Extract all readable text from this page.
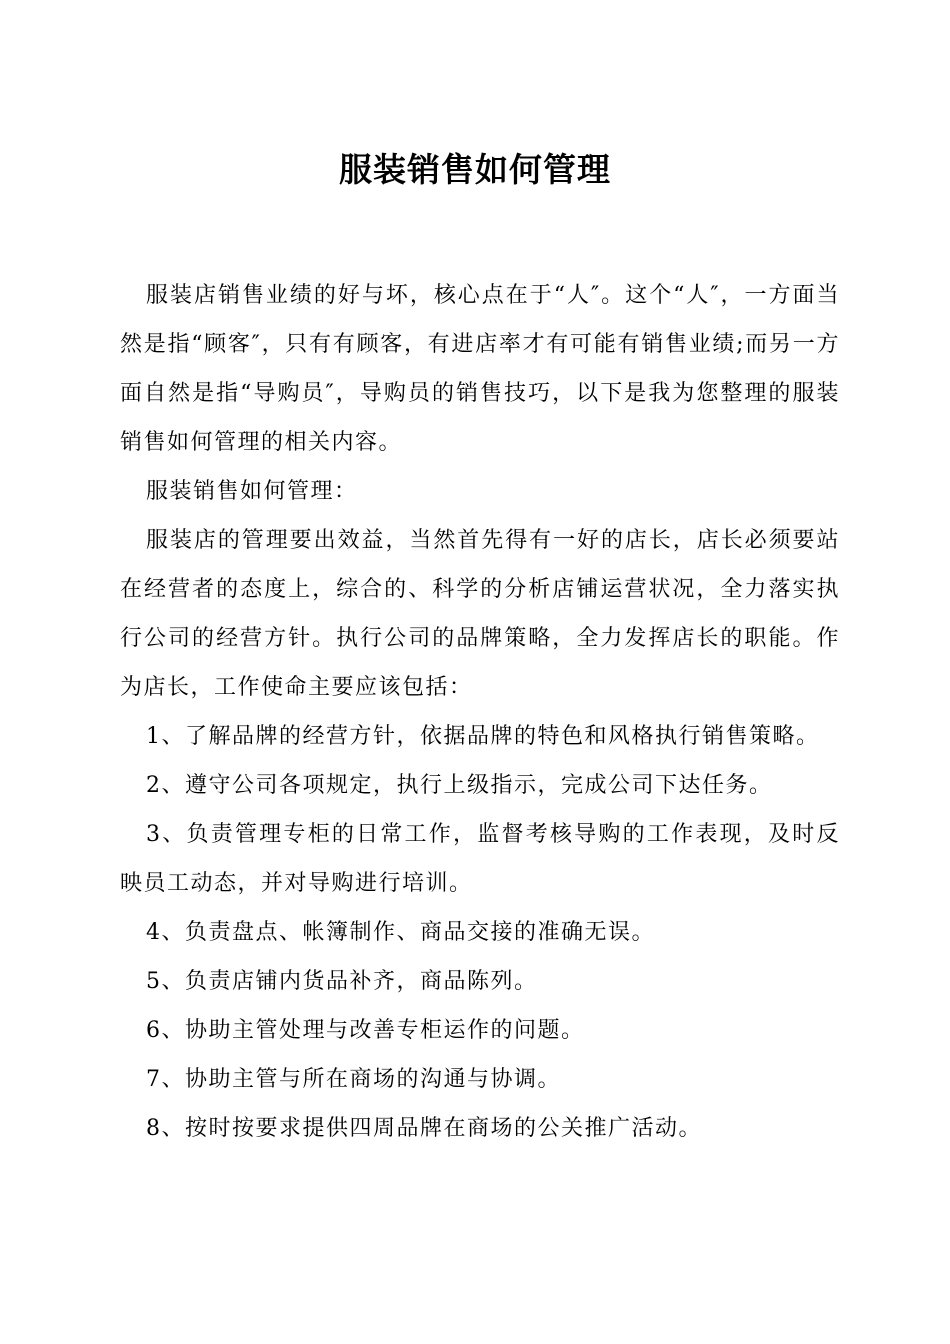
服装销售如何管理

服装店销售业绩的好与坏，核心点在于“人″。这个“人″，一方面当然是指“顾客″，只有有顾客，有进店率才有可能有销售业绩;而另一方面自然是指“导购员″，导购员的销售技巧，以下是我为您整理的服装销售如何管理的相关内容。

服装销售如何管理：

服装店的管理要出效益，当然首先得有一好的店长，店长必须要站在经营者的态度上，综合的、科学的分析店铺运营状况，全力落实执行公司的经营方针。执行公司的品牌策略，全力发挥店长的职能。作为店长，工作使命主要应该包括：

1、了解品牌的经营方针，依据品牌的特色和风格执行销售策略。

2、遵守公司各项规定，执行上级指示，完成公司下达任务。

3、负责管理专柜的日常工作，监督考核导购的工作表现，及时反映员工动态，并对导购进行培训。

4、负责盘点、帐簿制作、商品交接的准确无误。

5、负责店铺内货品补齐，商品陈列。

6、协助主管处理与改善专柜运作的问题。

7、协助主管与所在商场的沟通与协调。

8、按时按要求提供四周品牌在商场的公关推广活动。
